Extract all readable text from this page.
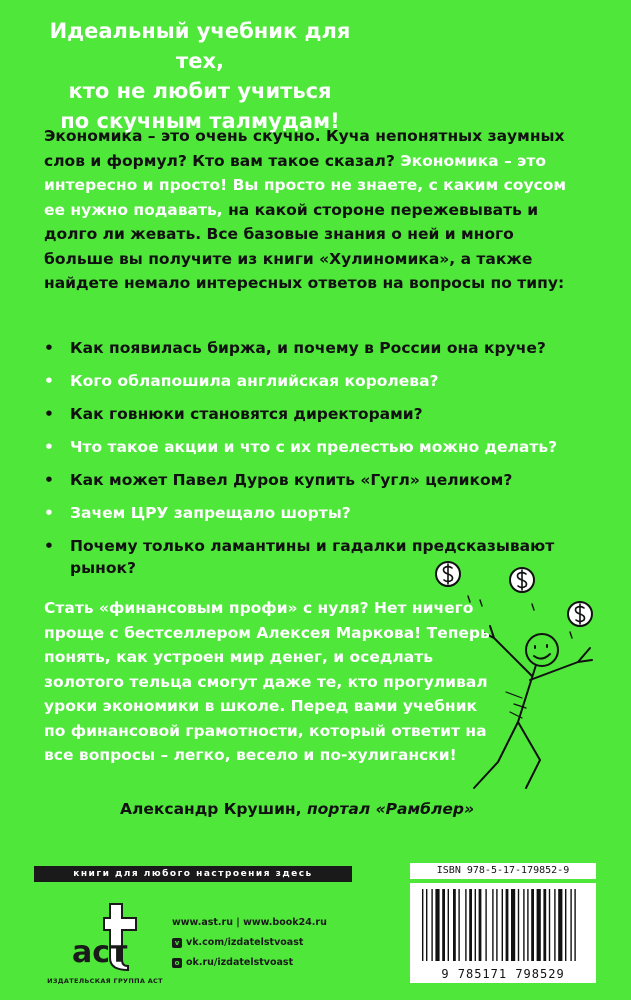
Идеальный учебник для тех,
кто не любит учиться
по скучным талмудам!

Экономика – это очень скучно. Куча непонятных заумных слов и формул? Кто вам такое сказал? Экономика – это интересно и просто! Вы просто не знаете, с каким соусом ее нужно подавать, на какой стороне пережевывать и долго ли жевать. Все базовые знания о ней и много больше вы получите из книги «Хулиномика», а также найдете немало интересных ответов на вопросы по типу:

• Как появилась биржа, и почему в России она круче?
• Кого облапошила английская королева?
• Как говнюки становятся директорами?
• Что такое акции и что с их прелестью можно делать?
• Как может Павел Дуров купить «Гугл» целиком?
• Зачем ЦРУ запрещало шорты?
• Почему только ламантины и гадалки предсказывают рынок?

Стать «финансовым профи» с нуля? Нет ничего проще с бестселлером Алексея Маркова! Теперь понять, как устроен мир денег, и оседлать золотого тельца смогут даже те, кто прогуливал уроки экономики в школе. Перед вами учебник по финансовой грамотности, который ответит на все вопросы – легко, весело и по-хулигански!

Александр Крушин, портал «Рамблер»

книги для любого настроения здесь
аст
ИЗДАТЕЛЬСКАЯ ГРУППА АСТ
www.ast.ru | www.book24.ru
v vk.com/izdatelstvoast
o ok.ru/izdatelstvoast
ISBN 978-5-17-179852-9
9 785171 798529
